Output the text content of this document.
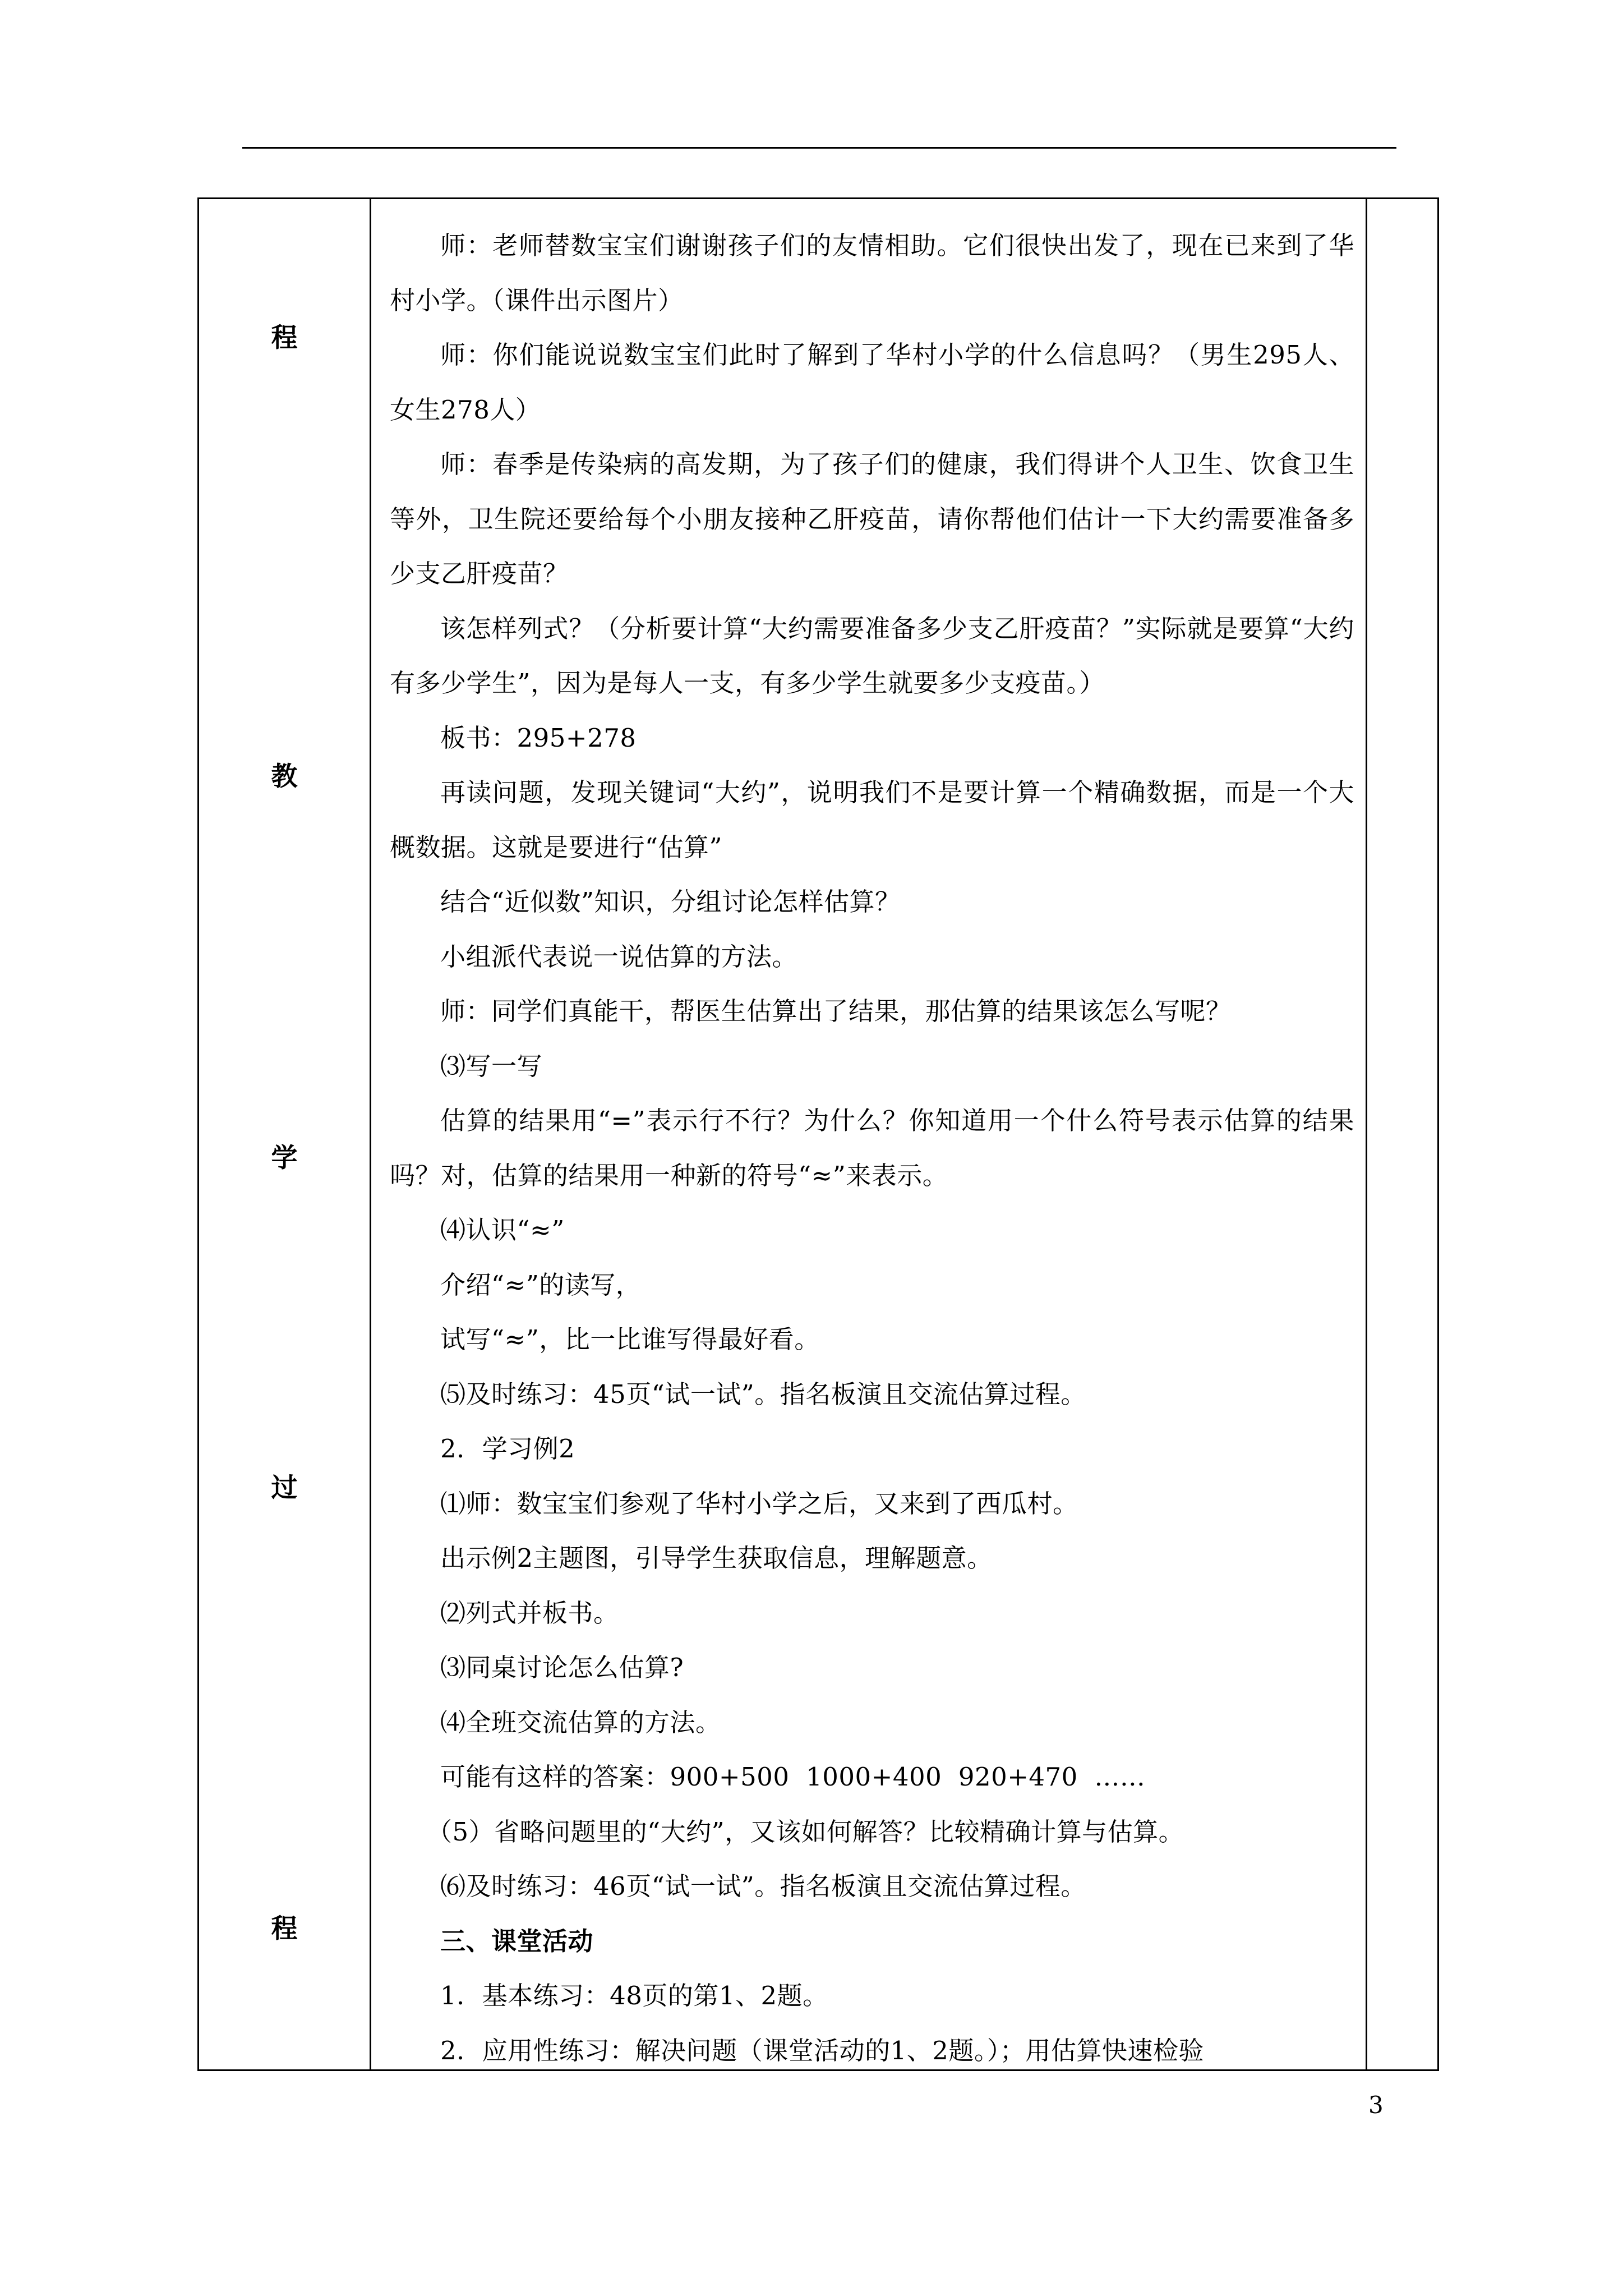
程
教
学
过
程

师：老师替数宝宝们谢谢孩子们的友情相助。它们很快出发了，现在已来到了华村小学。（课件出示图片）

师：你们能说说数宝宝们此时了解到了华村小学的什么信息吗？（男生295人、女生278人）

师：春季是传染病的高发期，为了孩子们的健康，我们得讲个人卫生、饮食卫生等外，卫生院还要给每个小朋友接种乙肝疫苗，请你帮他们估计一下大约需要准备多少支乙肝疫苗？

该怎样列式？（分析要计算“大约需要准备多少支乙肝疫苗？”实际就是要算“大约有多少学生”，因为是每人一支，有多少学生就要多少支疫苗。）

板书：295+278

再读问题，发现关键词“大约”，说明我们不是要计算一个精确数据，而是一个大概数据。这就是要进行“估算”

结合“近似数”知识，分组讨论怎样估算？

小组派代表说一说估算的方法。

师：同学们真能干，帮医生估算出了结果，那估算的结果该怎么写呢？

⑶写一写

估算的结果用“=”表示行不行？为什么？你知道用一个什么符号表示估算的结果吗？对，估算的结果用一种新的符号“≈”来表示。

⑷认识“≈”

介绍“≈”的读写，

试写“≈”，比一比谁写得最好看。

⑸及时练习：45页“试一试”。指名板演且交流估算过程。

2．学习例2

⑴师：数宝宝们参观了华村小学之后，又来到了西瓜村。

出示例2主题图，引导学生获取信息，理解题意。

⑵列式并板书。

⑶同桌讨论怎么估算?

⑷全班交流估算的方法。

可能有这样的答案：900+500  1000+400  920+470  ……

（5）省略问题里的“大约”，又该如何解答？比较精确计算与估算。

⑹及时练习：46页“试一试”。指名板演且交流估算过程。

三、课堂活动

1．基本练习：48页的第1、2题。

2．应用性练习：解决问题（课堂活动的1、2题。）；用估算快速检验

3
